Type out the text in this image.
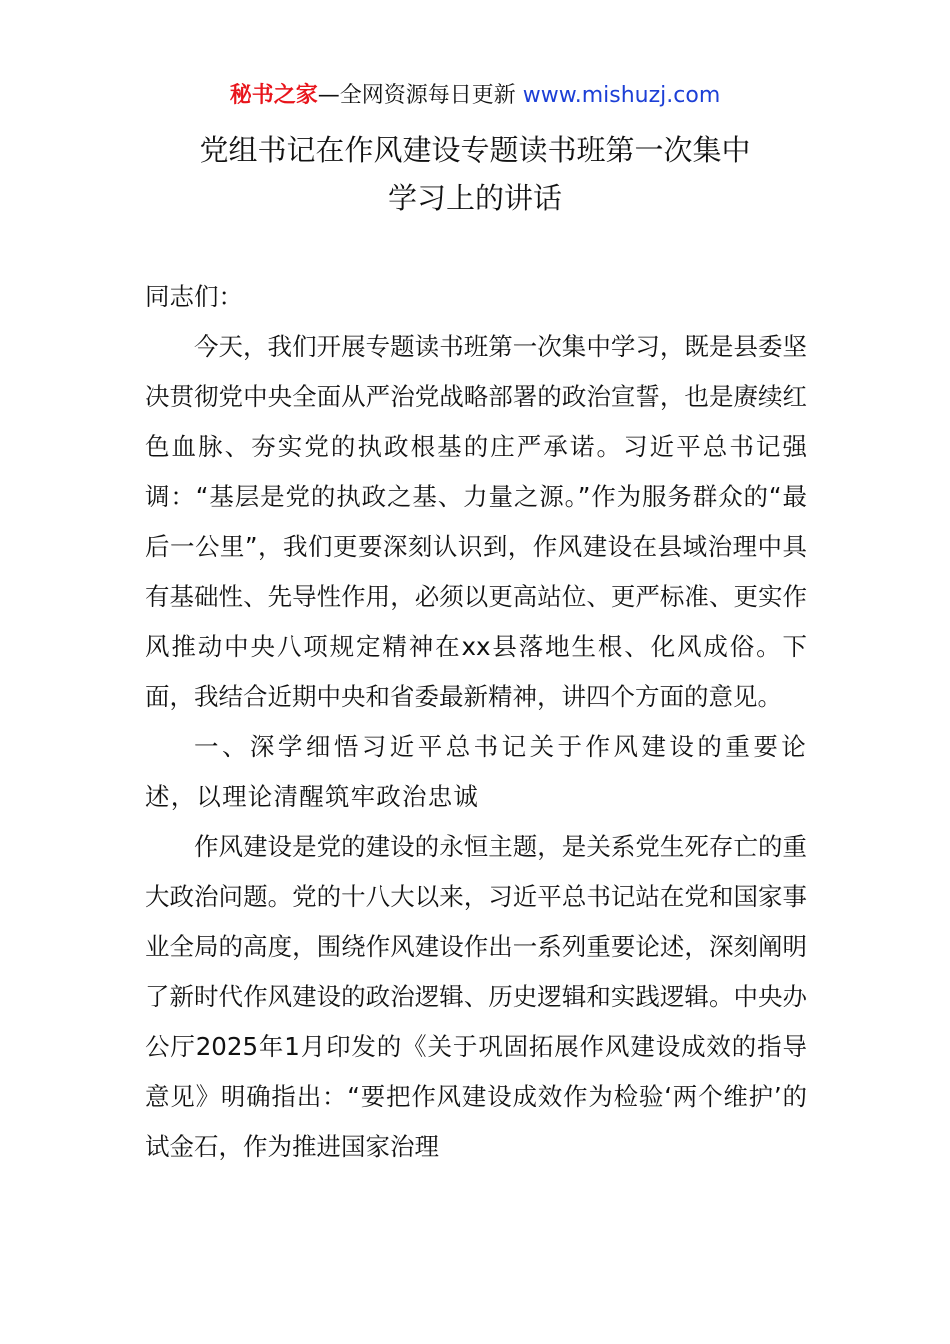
秘书之家—全网资源每日更新 www.mishuzj.com
党组书记在作风建设专题读书班第一次集中
学习上的讲话

同志们：

今天，我们开展专题读书班第一次集中学习，既是县委坚决贯彻党中央全面从严治党战略部署的政治宣誓，也是赓续红色血脉、夯实党的执政根基的庄严承诺。习近平总书记强调：“基层是党的执政之基、力量之源。”作为服务群众的“最后一公里”，我们更要深刻认识到，作风建设在县域治理中具有基础性、先导性作用，必须以更高站位、更严标准、更实作风推动中央八项规定精神在xx县落地生根、化风成俗。下面，我结合近期中央和省委最新精神，讲四个方面的意见。

一、深学细悟习近平总书记关于作风建设的重要论述，以理论清醒筑牢政治忠诚

作风建设是党的建设的永恒主题，是关系党生死存亡的重大政治问题。党的十八大以来，习近平总书记站在党和国家事业全局的高度，围绕作风建设作出一系列重要论述，深刻阐明了新时代作风建设的政治逻辑、历史逻辑和实践逻辑。中央办公厅2025年1月印发的《关于巩固拓展作风建设成效的指导意见》明确指出：“要把作风建设成效作为检验‘两个维护’的试金石，作为推进国家治理
